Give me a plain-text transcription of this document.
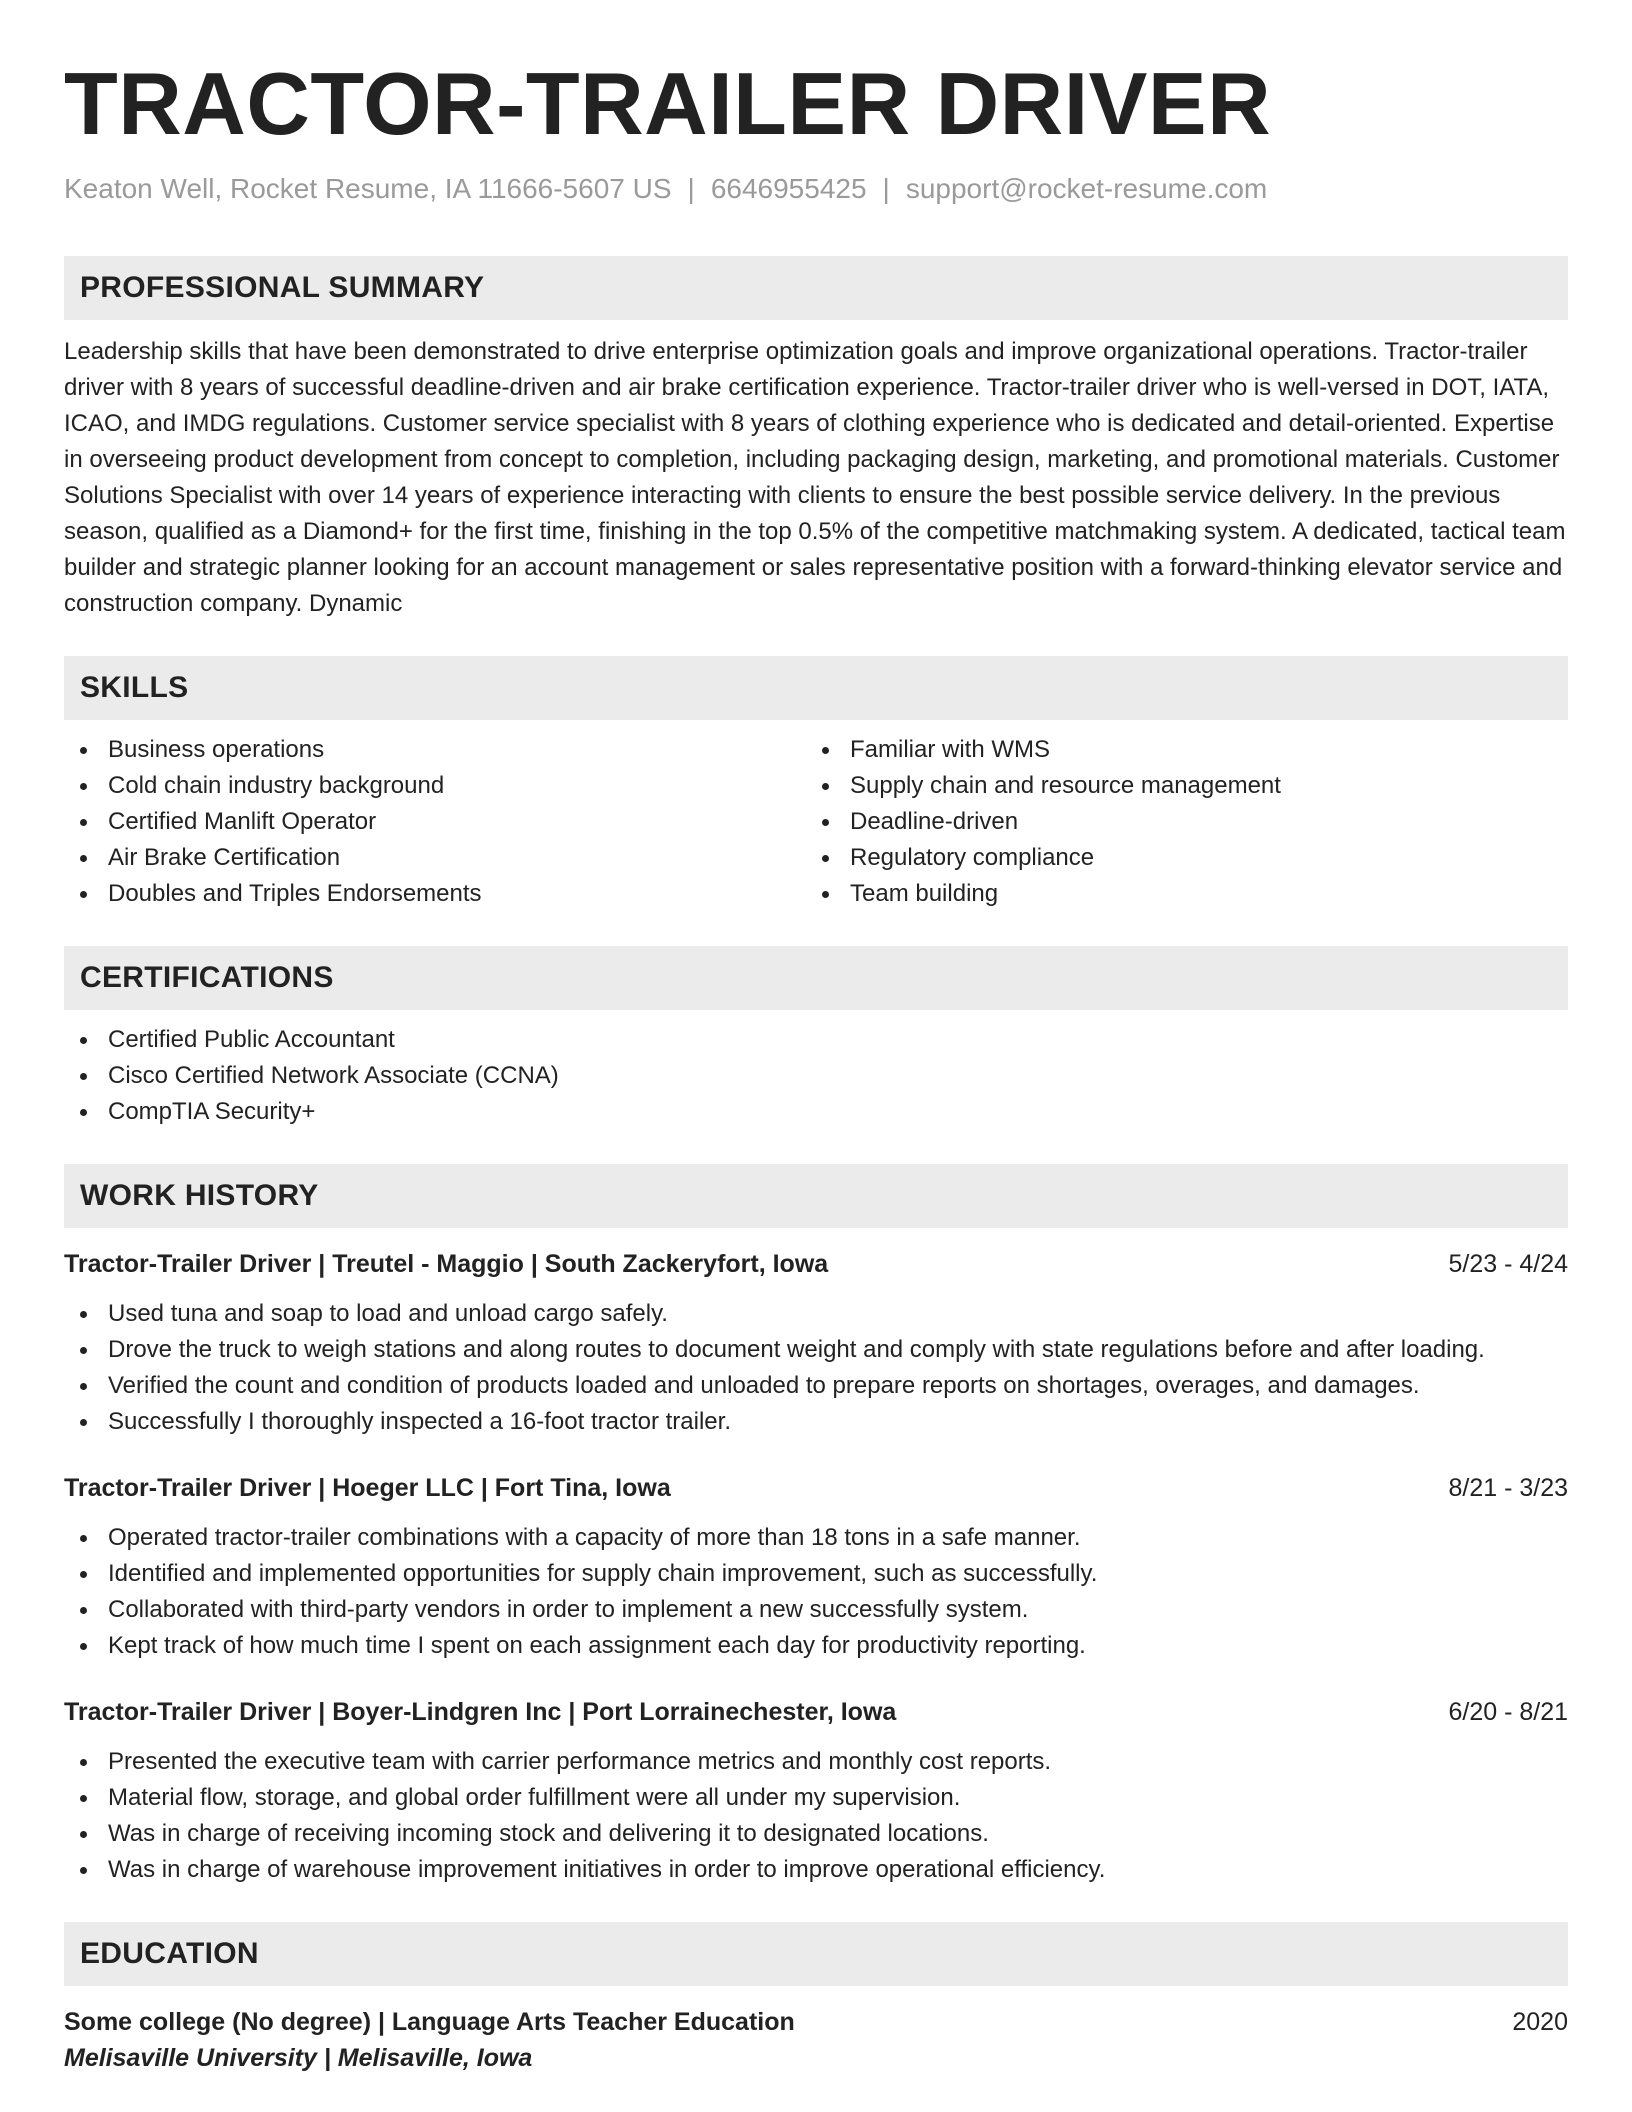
TRACTOR-TRAILER DRIVER
Keaton Well, Rocket Resume, IA 11666-5607 US | 6646955425 | support@rocket-resume.com
PROFESSIONAL SUMMARY

Leadership skills that have been demonstrated to drive enterprise optimization goals and improve organizational operations. Tractor-trailer driver with 8 years of successful deadline-driven and air brake certification experience. Tractor-trailer driver who is well-versed in DOT, IATA, ICAO, and IMDG regulations. Customer service specialist with 8 years of clothing experience who is dedicated and detail-oriented. Expertise in overseeing product development from concept to completion, including packaging design, marketing, and promotional materials. Customer Solutions Specialist with over 14 years of experience interacting with clients to ensure the best possible service delivery. In the previous season, qualified as a Diamond+ for the first time, finishing in the top 0.5% of the competitive matchmaking system. A dedicated, tactical team builder and strategic planner looking for an account management or sales representative position with a forward-thinking elevator service and construction company. Dynamic

SKILLS
Business operations
Cold chain industry background
Certified Manlift Operator
Air Brake Certification
Doubles and Triples Endorsements
Familiar with WMS
Supply chain and resource management
Deadline-driven
Regulatory compliance
Team building
CERTIFICATIONS
Certified Public Accountant
Cisco Certified Network Associate (CCNA)
CompTIA Security+
WORK HISTORY
Tractor-Trailer Driver | Treutel - Maggio | South Zackeryfort, Iowa	5/23 - 4/24
Used tuna and soap to load and unload cargo safely.
Drove the truck to weigh stations and along routes to document weight and comply with state regulations before and after loading.
Verified the count and condition of products loaded and unloaded to prepare reports on shortages, overages, and damages.
Successfully I thoroughly inspected a 16-foot tractor trailer.
Tractor-Trailer Driver | Hoeger LLC | Fort Tina, Iowa	8/21 - 3/23
Operated tractor-trailer combinations with a capacity of more than 18 tons in a safe manner.
Identified and implemented opportunities for supply chain improvement, such as successfully.
Collaborated with third-party vendors in order to implement a new successfully system.
Kept track of how much time I spent on each assignment each day for productivity reporting.
Tractor-Trailer Driver | Boyer-Lindgren Inc | Port Lorrainechester, Iowa	6/20 - 8/21
Presented the executive team with carrier performance metrics and monthly cost reports.
Material flow, storage, and global order fulfillment were all under my supervision.
Was in charge of receiving incoming stock and delivering it to designated locations.
Was in charge of warehouse improvement initiatives in order to improve operational efficiency.
EDUCATION
Some college (No degree) | Language Arts Teacher Education	2020
Melisaville University | Melisaville, Iowa
